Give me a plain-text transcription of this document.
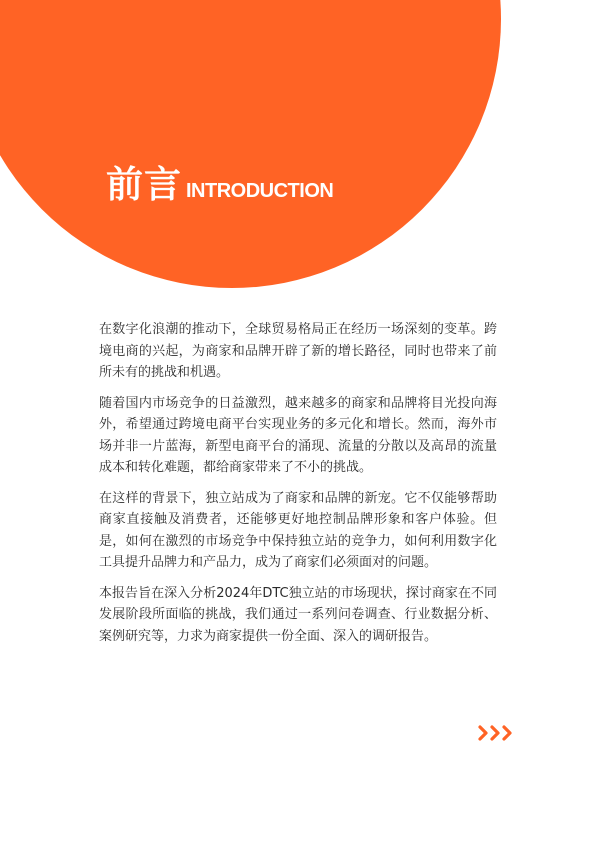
前言 INTRODUCTION

在数字化浪潮的推动下，全球贸易格局正在经历一场深刻的变革。跨境电商的兴起，为商家和品牌开辟了新的增长路径，同时也带来了前所未有的挑战和机遇。

随着国内市场竞争的日益激烈，越来越多的商家和品牌将目光投向海外，希望通过跨境电商平台实现业务的多元化和增长。然而，海外市场并非一片蓝海，新型电商平台的涌现、流量的分散以及高昂的流量成本和转化难题，都给商家带来了不小的挑战。

在这样的背景下，独立站成为了商家和品牌的新宠。它不仅能够帮助商家直接触及消费者，还能够更好地控制品牌形象和客户体验。但是，如何在激烈的市场竞争中保持独立站的竞争力，如何利用数字化工具提升品牌力和产品力，成为了商家们必须面对的问题。

本报告旨在深入分析2024年DTC独立站的市场现状，探讨商家在不同发展阶段所面临的挑战，我们通过一系列问卷调查、行业数据分析、案例研究等，力求为商家提供一份全面、深入的调研报告。
